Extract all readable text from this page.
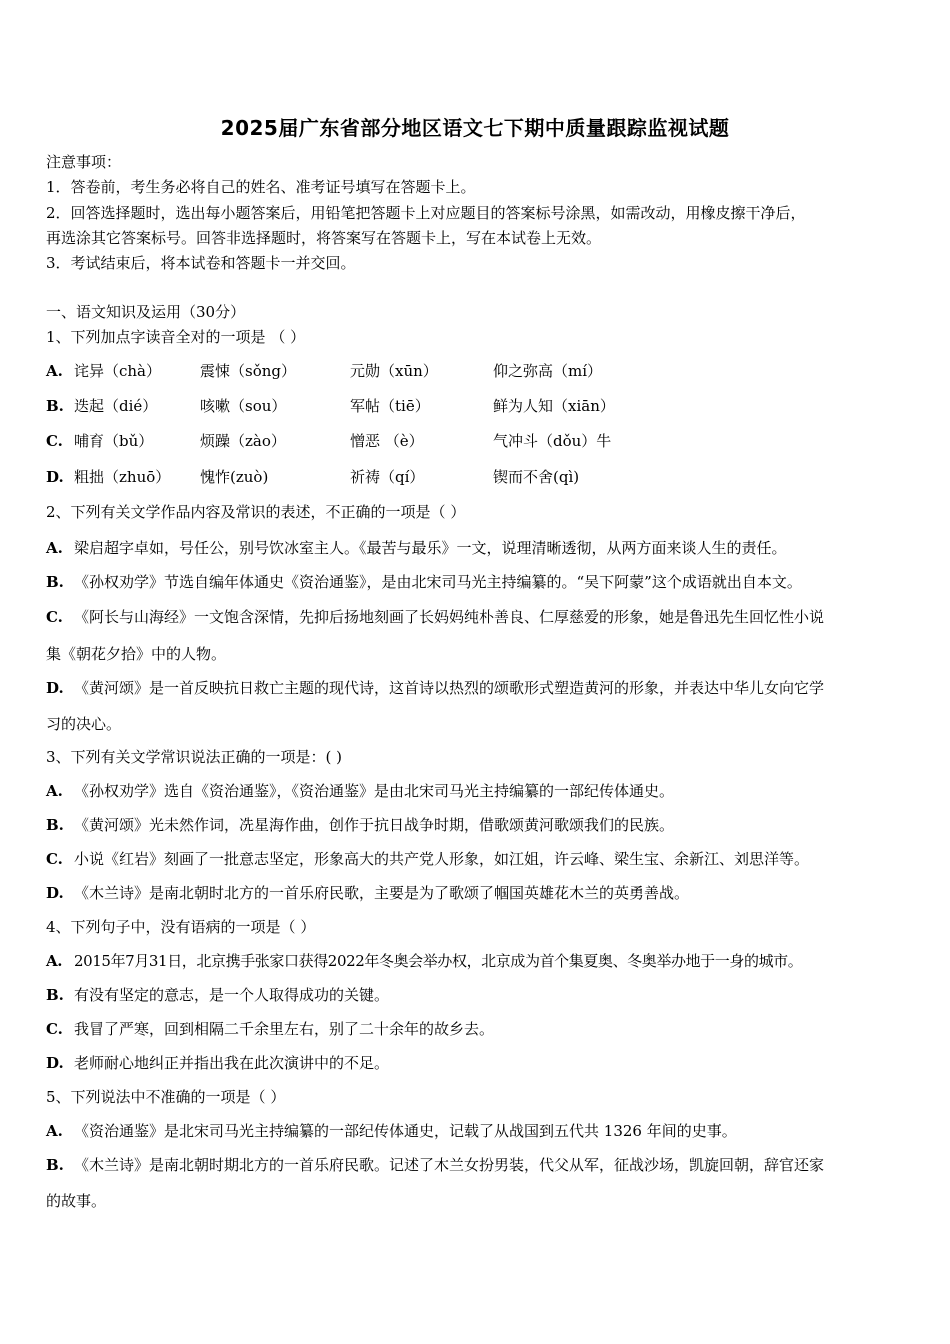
2025届广东省部分地区语文七下期中质量跟踪监视试题
注意事项：
1．答卷前，考生务必将自己的姓名、准考证号填写在答题卡上。
2．回答选择题时，选出每小题答案后，用铅笔把答题卡上对应题目的答案标号涂黑，如需改动，用橡皮擦干净后，
再选涂其它答案标号。回答非选择题时，将答案写在答题卡上，写在本试卷上无效。
3．考试结束后，将本试卷和答题卡一并交回。
一、语文知识及运用（30分）
1、下列加点字读音全对的一项是 （ ）
A. 诧异（chà）	震悚（sǒng）	元勋（xūn）	仰之弥高（mí）
B. 迭起（dié）	咳嗽（sou）	军帖（tiē）	鲜为人知（xiān）
C. 哺育（bǔ）	烦躁（zào）	憎恶 （è）	气冲斗（dǒu）牛
D. 粗拙（zhuō） 愧怍(zuò)	祈祷（qí）	锲而不舍(qì)
2、下列有关文学作品内容及常识的表述，不正确的一项是（ ）
A. 梁启超字卓如，号任公，别号饮冰室主人。《最苦与最乐》一文，说理清晰透彻，从两方面来谈人生的责任。
B. 《孙权劝学》节选自编年体通史《资治通鉴》，是由北宋司马光主持编纂的。“吴下阿蒙”这个成语就出自本文。
C. 《阿长与山海经》一文饱含深情，先抑后扬地刻画了长妈妈纯朴善良、仁厚慈爱的形象，她是鲁迅先生回忆性小说
集《朝花夕拾》中的人物。
D. 《黄河颂》是一首反映抗日救亡主题的现代诗，这首诗以热烈的颂歌形式塑造黄河的形象，并表达中华儿女向它学
习的决心。
3、下列有关文学常识说法正确的一项是：( )
A. 《孙权劝学》选自《资治通鉴》，《资治通鉴》是由北宋司马光主持编纂的一部纪传体通史。
B. 《黄河颂》光未然作词，冼星海作曲，创作于抗日战争时期，借歌颂黄河歌颂我们的民族。
C. 小说《红岩》刻画了一批意志坚定，形象高大的共产党人形象，如江姐，许云峰、梁生宝、余新江、刘思洋等。
D. 《木兰诗》是南北朝时北方的一首乐府民歌，主要是为了歌颂了帼国英雄花木兰的英勇善战。
4、下列句子中，没有语病的一项是（ ）
A. 2015年7月31日，北京携手张家口获得2022年冬奥会举办权，北京成为首个集夏奥、冬奥举办地于一身的城市。
B. 有没有坚定的意志，是一个人取得成功的关键。
C. 我冒了严寒，回到相隔二千余里左右，别了二十余年的故乡去。
D. 老师耐心地纠正并指出我在此次演讲中的不足。
5、下列说法中不准确的一项是（ ）
A. 《资治通鉴》是北宋司马光主持编纂的一部纪传体通史，记载了从战国到五代共 1326 年间的史事。
B. 《木兰诗》是南北朝时期北方的一首乐府民歌。记述了木兰女扮男装，代父从军，征战沙场，凯旋回朝，辞官还家
的故事。
